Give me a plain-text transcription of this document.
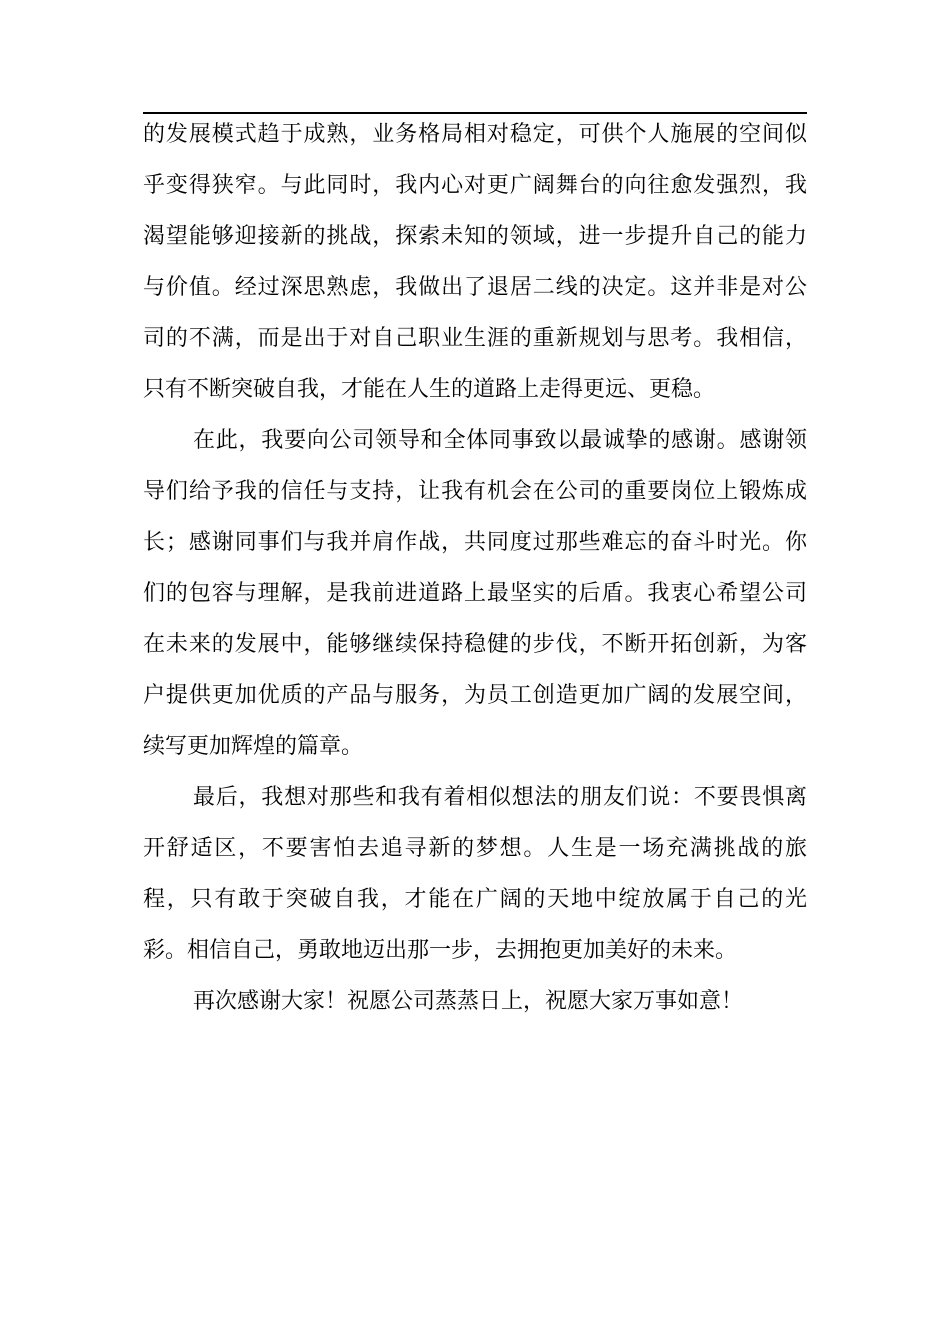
的发展模式趋于成熟，业务格局相对稳定，可供个人施展的空间似
乎变得狭窄。与此同时，我内心对更广阔舞台的向往愈发强烈，我
渴望能够迎接新的挑战，探索未知的领域，进一步提升自己的能力
与价值。经过深思熟虑，我做出了退居二线的决定。这并非是对公
司的不满，而是出于对自己职业生涯的重新规划与思考。我相信，
只有不断突破自我，才能在人生的道路上走得更远、更稳。
在此，我要向公司领导和全体同事致以最诚挚的感谢。感谢领
导们给予我的信任与支持，让我有机会在公司的重要岗位上锻炼成
长；感谢同事们与我并肩作战，共同度过那些难忘的奋斗时光。你
们的包容与理解，是我前进道路上最坚实的后盾。我衷心希望公司
在未来的发展中，能够继续保持稳健的步伐，不断开拓创新，为客
户提供更加优质的产品与服务，为员工创造更加广阔的发展空间，
续写更加辉煌的篇章。
最后，我想对那些和我有着相似想法的朋友们说：不要畏惧离
开舒适区，不要害怕去追寻新的梦想。人生是一场充满挑战的旅
程，只有敢于突破自我，才能在广阔的天地中绽放属于自己的光
彩。相信自己，勇敢地迈出那一步，去拥抱更加美好的未来。
再次感谢大家！祝愿公司蒸蒸日上，祝愿大家万事如意！
